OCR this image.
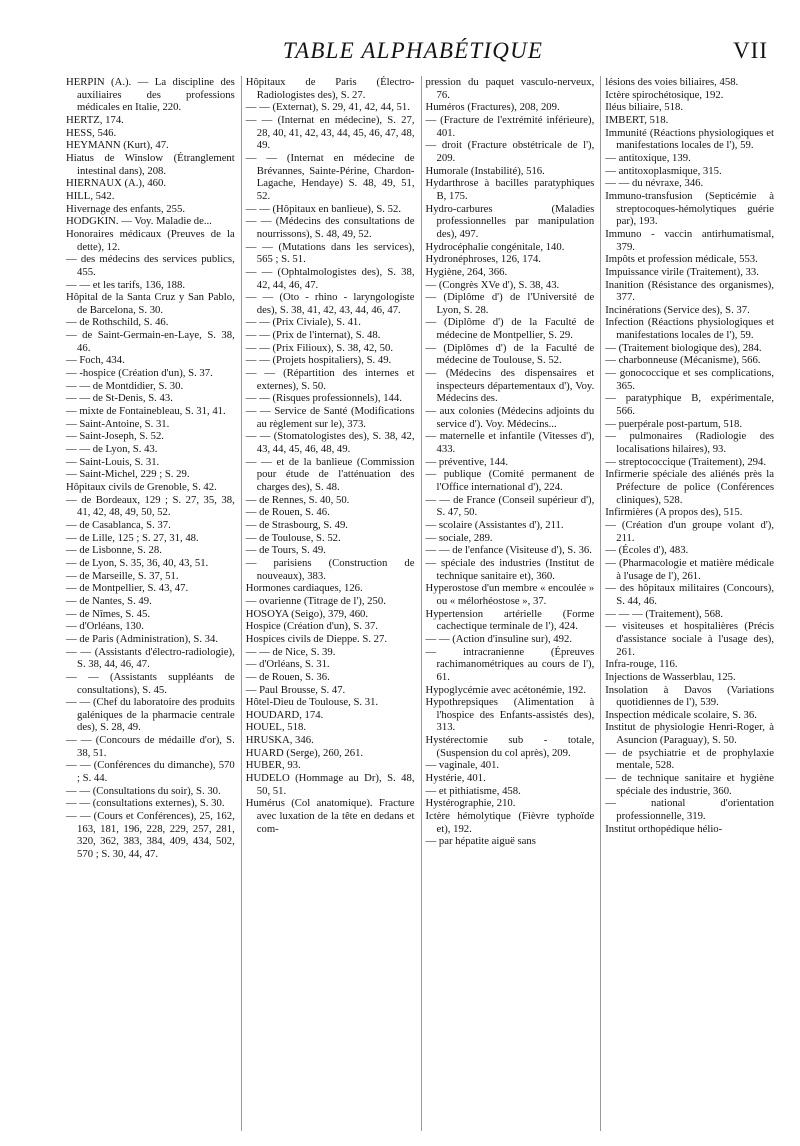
TABLE ALPHABÉTIQUE	VII

HERPIN (A.). — La discipline des auxiliaires des professions médicales en Italie, 220.

HERTZ, 174.

HESS, 546.

HEYMANN (Kurt), 47.

Hiatus de Winslow (Étranglement intestinal dans), 208.

HIERNAUX (A.), 460.

HILL, 542.

Hivernage des enfants, 255.

HODGKIN. — Voy. Maladie de...

Honoraires médicaux (Preuves de la dette), 12.

— des médecins des services publics, 455.

— — et les tarifs, 136, 188.

Hôpital de la Santa Cruz y San Pablo, de Barcelona, S. 30.

— de Rothschild, S. 46.

— de Saint-Germain-en-Laye, S. 38, 46.

— Foch, 434.

— -hospice (Création d'un), S. 37.

— — de Montdidier, S. 30.

— — de St-Denis, S. 43.

— mixte de Fontainebleau, S. 31, 41.

— Saint-Antoine, S. 31.

— Saint-Joseph, S. 52.

— — de Lyon, S. 43.

— Saint-Louis, S. 31.

— Saint-Michel, 229 ; S. 29.

Hôpitaux civils de Grenoble, S. 42.

— de Bordeaux, 129 ; S. 27, 35, 38, 41, 42, 48, 49, 50, 52.

— de Casablanca, S. 37.

— de Lille, 125 ; S. 27, 31, 48.

— de Lisbonne, S. 28.

— de Lyon, S. 35, 36, 40, 43, 51.

— de Marseille, S. 37, 51.

— de Montpellier, S. 43, 47.

— de Nantes, S. 49.

— de Nîmes, S. 45.

— d'Orléans, 130.

— de Paris (Administration), S. 34.

— — (Assistants d'électro-radiologie), S. 38, 44, 46, 47.

— — (Assistants suppléants de consultations), S. 45.

— — (Chef du laboratoire des produits galéniques de la pharmacie centrale des), S. 28, 49.

— — (Concours de médaille d'or), S. 38, 51.

— — (Conférences du dimanche), 570 ; S. 44.

— — (Consultations du soir), S. 30.

— — (consultations externes), S. 30.

— — (Cours et Conférences), 25, 162, 163, 181, 196, 228, 229, 257, 281, 320, 362, 383, 384, 409, 434, 502, 570 ; S. 30, 44, 47.

Hôpitaux de Paris (Électro-Radiologistes des), S. 27.

— — (Externat), S. 29, 41, 42, 44, 51.

— — (Internat en médecine), S. 27, 28, 40, 41, 42, 43, 44, 45, 46, 47, 48, 49.

— — (Internat en médecine de Brévannes, Sainte-Périne, Chardon-Lagache, Hendaye) S. 48, 49, 51, 52.

— — (Hôpitaux en banlieue), S. 52.

— — (Médecins des consultations de nourrissons), S. 48, 49, 52.

— — (Mutations dans les services), 565 ; S. 51.

— — (Ophtalmologistes des), S. 38, 42, 44, 46, 47.

— — (Oto - rhino - laryngologiste des), S. 38, 41, 42, 43, 44, 46, 47.

— — (Prix Civiale), S. 41.

— — (Prix de l'internat), S. 48.

— — (Prix Filioux), S. 38, 42, 50.

— — (Projets hospitaliers), S. 49.

— — (Répartition des internes et externes), S. 50.

— — (Risques professionnels), 144.

— — Service de Santé (Modifications au règlement sur le), 373.

— — (Stomatologistes des), S. 38, 42, 43, 44, 45, 46, 48, 49.

— — et de la banlieue (Commission pour étude de l'atténuation des charges des), S. 48.

— de Rennes, S. 40, 50.

— de Rouen, S. 46.

— de Strasbourg, S. 49.

— de Toulouse, S. 52.

— de Tours, S. 49.

— parisiens (Construction de nouveaux), 383.

Hormones cardiaques, 126.

— ovarienne (Titrage de l'), 250.

HOSOYA (Seigo), 379, 460.

Hospice (Création d'un), S. 37.

Hospices civils de Dieppe. S. 27.

— — de Nice, S. 39.

— d'Orléans, S. 31.

— de Rouen, S. 36.

— Paul Brousse, S. 47.

Hôtel-Dieu de Toulouse, S. 31.

HOUDARD, 174.

HOUEL, 518.

HRUSKA, 346.

HUARD (Serge), 260, 261.

HUBER, 93.

HUDELO (Hommage au Dr), S. 48, 50, 51.

Humérus (Col anatomique). Fracture avec luxation de la tête en dedans et com-

pression du paquet vasculo-nerveux, 76.

Huméros (Fractures), 208, 209.

— (Fracture de l'extrémité inférieure), 401.

— droit (Fracture obstétricale de l'), 209.

Humorale (Instabilité), 516.

Hydarthrose à bacilles paratyphiques B, 175.

Hydro-carbures (Maladies professionnelles par manipulation des), 497.

Hydrocéphalie congénitale, 140.

Hydronéphroses, 126, 174.

Hygiène, 264, 366.

— (Congrès XVe d'), S. 38, 43.

— (Diplôme d') de l'Université de Lyon, S. 28.

— (Diplôme d') de la Faculté de médecine de Montpellier, S. 29.

— (Diplômes d') de la Faculté de médecine de Toulouse, S. 52.

— (Médecins des dispensaires et inspecteurs départementaux d'), Voy. Médecins des.

— aux colonies (Médecins adjoints du service d'). Voy. Médecins...

— maternelle et infantile (Vitesses d'), 433.

— préventive, 144.

— publique (Comité permanent de l'Office international d'), 224.

— — de France (Conseil supérieur d'), S. 47, 50.

— scolaire (Assistantes d'), 211.

— sociale, 289.

— — de l'enfance (Visiteuse d'), S. 36.

— spéciale des industries (Institut de technique sanitaire et), 360.

Hyperostose d'un membre « encoulée » ou « mélorhéostose », 37.

Hypertension artérielle (Forme cachectique terminale de l'), 424.

— — (Action d'insuline sur), 492.

— intracranienne (Épreuves rachimanométriques au cours de l'), 61.

Hypoglycémie avec acétonémie, 192.

Hypothrepsiques (Alimentation à l'hospice des Enfants-assistés des), 313.

Hystérectomie sub - totale, (Suspension du col après), 209.

— vaginale, 401.

Hystérie, 401.

— et pithiatisme, 458.

Hystérographie, 210.

Ictère hémolytique (Fièvre typhoïde et), 192.

— par hépatite aiguë sans

lésions des voies biliaires, 458.

Ictère spirochétosique, 192.

Iléus biliaire, 518.

IMBERT, 518.

Immunité (Réactions physiologiques et manifestations locales de l'), 59.

— antitoxique, 139.

— antitoxoplasmique, 315.

— — du névraxe, 346.

Immuno-transfusion (Septicémie à streptocoques-hémolytiques guérie par), 193.

Immuno - vaccin antirhumatismal, 379.

Impôts et profession médicale, 553.

Impuissance virile (Traitement), 33.

Inanition (Résistance des organismes), 377.

Incinérations (Service des), S. 37.

Infection (Réactions physiologiques et manifestations locales de l'), 59.

— (Traitement biologique des), 284.

— charbonneuse (Mécanisme), 566.

— gonococcique et ses complications, 365.

— paratyphique B, expérimentale, 566.

— puerpérale post-partum, 518.

— pulmonaires (Radiologie des localisations hilaires), 93.

— streptococcique (Traitement), 294.

Infirmerie spéciale des aliénés près la Préfecture de police (Conférences cliniques), 528.

Infirmières (A propos des), 515.

— (Création d'un groupe volant d'), 211.

— (Écoles d'), 483.

— (Pharmacologie et matière médicale à l'usage de l'), 261.

— des hôpitaux militaires (Concours), S. 44, 46.

— — — (Traitement), 568.

— visiteuses et hospitalières (Précis d'assistance sociale à l'usage des), 261.

Infra-rouge, 116.

Injections de Wasserblau, 125.

Insolation à Davos (Variations quotidiennes de l'), 539.

Inspection médicale scolaire, S. 36.

Institut de physiologie Henri-Roger, à Asuncion (Paraguay), S. 50.

— de psychiatrie et de prophylaxie mentale, 528.

— de technique sanitaire et hygiène spéciale des industrie, 360.

— national d'orientation professionnelle, 319.

Institut orthopédique hélio-
